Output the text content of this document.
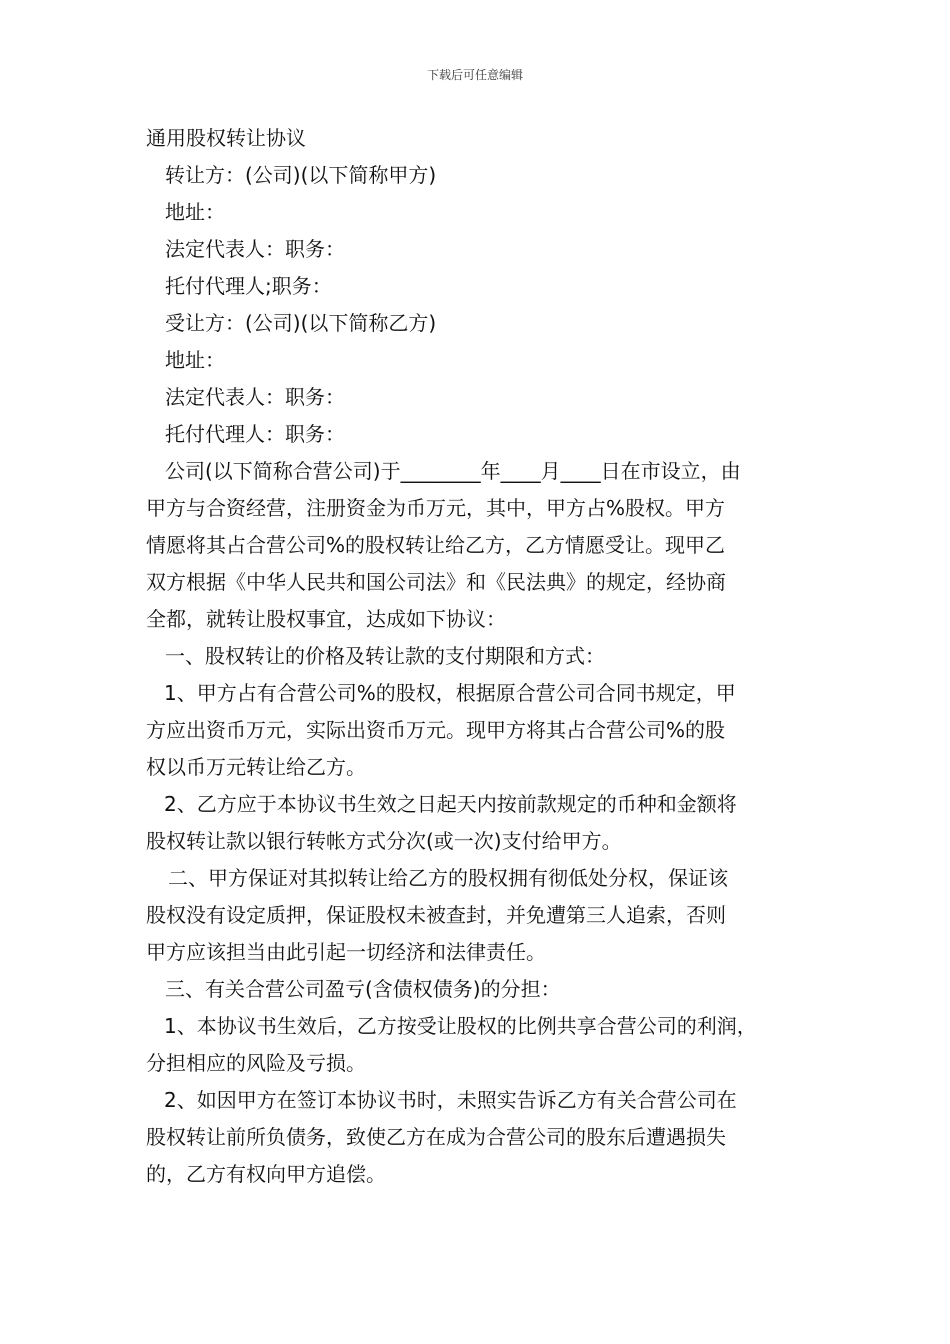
下载后可任意编辑

通用股权转让协议

转让方：(公司)(以下简称甲方)

地址：

法定代表人：职务：

托付代理人;职务：

受让方：(公司)(以下简称乙方)

地址：

法定代表人：职务：

托付代理人：职务：

公司(以下简称合营公司)于________年____月____日在市设立，由

甲方与合资经营，注册资金为币万元，其中，甲方占%股权。甲方

情愿将其占合营公司%的股权转让给乙方，乙方情愿受让。现甲乙

双方根据《中华人民共和国公司法》和《民法典》的规定，经协商

全都，就转让股权事宜，达成如下协议：

一、股权转让的价格及转让款的支付期限和方式：

1、甲方占有合营公司%的股权，根据原合营公司合同书规定，甲

方应出资币万元，实际出资币万元。现甲方将其占合营公司%的股

权以币万元转让给乙方。

2、乙方应于本协议书生效之日起天内按前款规定的币种和金额将

股权转让款以银行转帐方式分次(或一次)支付给甲方。

二、甲方保证对其拟转让给乙方的股权拥有彻低处分权，保证该

股权没有设定质押，保证股权未被查封，并免遭第三人追索，否则

甲方应该担当由此引起一切经济和法律责任。

三、有关合营公司盈亏(含债权债务)的分担：

1、本协议书生效后，乙方按受让股权的比例共享合营公司的利润，

分担相应的风险及亏损。

2、如因甲方在签订本协议书时，未照实告诉乙方有关合营公司在

股权转让前所负债务，致使乙方在成为合营公司的股东后遭遇损失

的，乙方有权向甲方追偿。
